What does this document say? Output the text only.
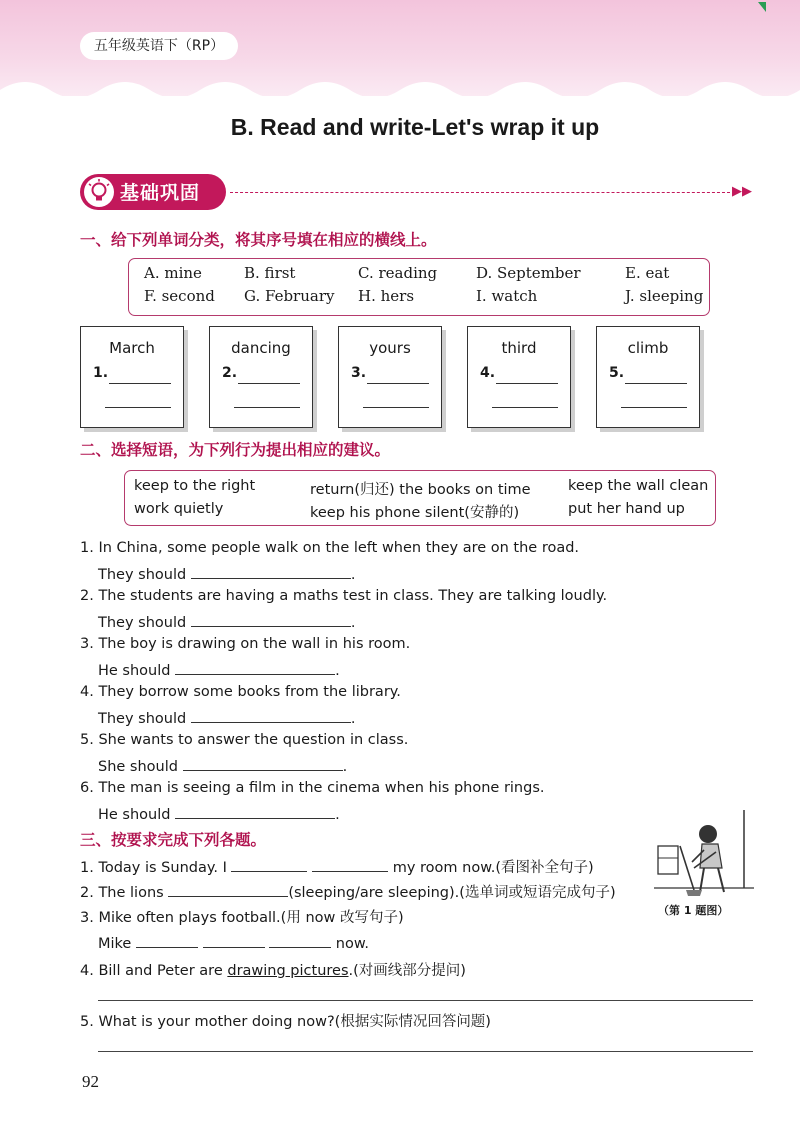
五年级英语下（RP）
B. Read and write-Let's wrap it up
基础巩固	▶▶
一、给下列单词分类，将其序号填在相应的横线上。
A. mine	B. first	C. reading	D. September	E. eat
F. second G. February H. hers	I. watch	J. sleeping
March
1.
dancing
2.
yours
3.
third
4.
climb
5.
二、选择短语，为下列行为提出相应的建议。
keep to the right	return(归还) the books on time	keep the wall clean
work quietly	keep his phone silent(安静的)	put her hand up
1. In China, some people walk on the left when they are on the road.
They should	.
2. The students are having a maths test in class. They are talking loudly.
They should	.
3. The boy is drawing on the wall in his room.
He should	.
4. They borrow some books from the library.
They should	.
5. She wants to answer the question in class.
She should	.
6. The man is seeing a film in the cinema when his phone rings.
He should	.
三、按要求完成下列各题。
1. Today is Sunday. I	my room now.(看图补全句子)
2. The lions	(sleeping/are sleeping).(选单词或短语完成句子)
3. Mike often plays football.(用 now 改写句子)
Mike	now.
4. Bill and Peter are drawing pictures.(对画线部分提问)
5. What is your mother doing now?(根据实际情况回答问题)
（第 1 题图）
92
